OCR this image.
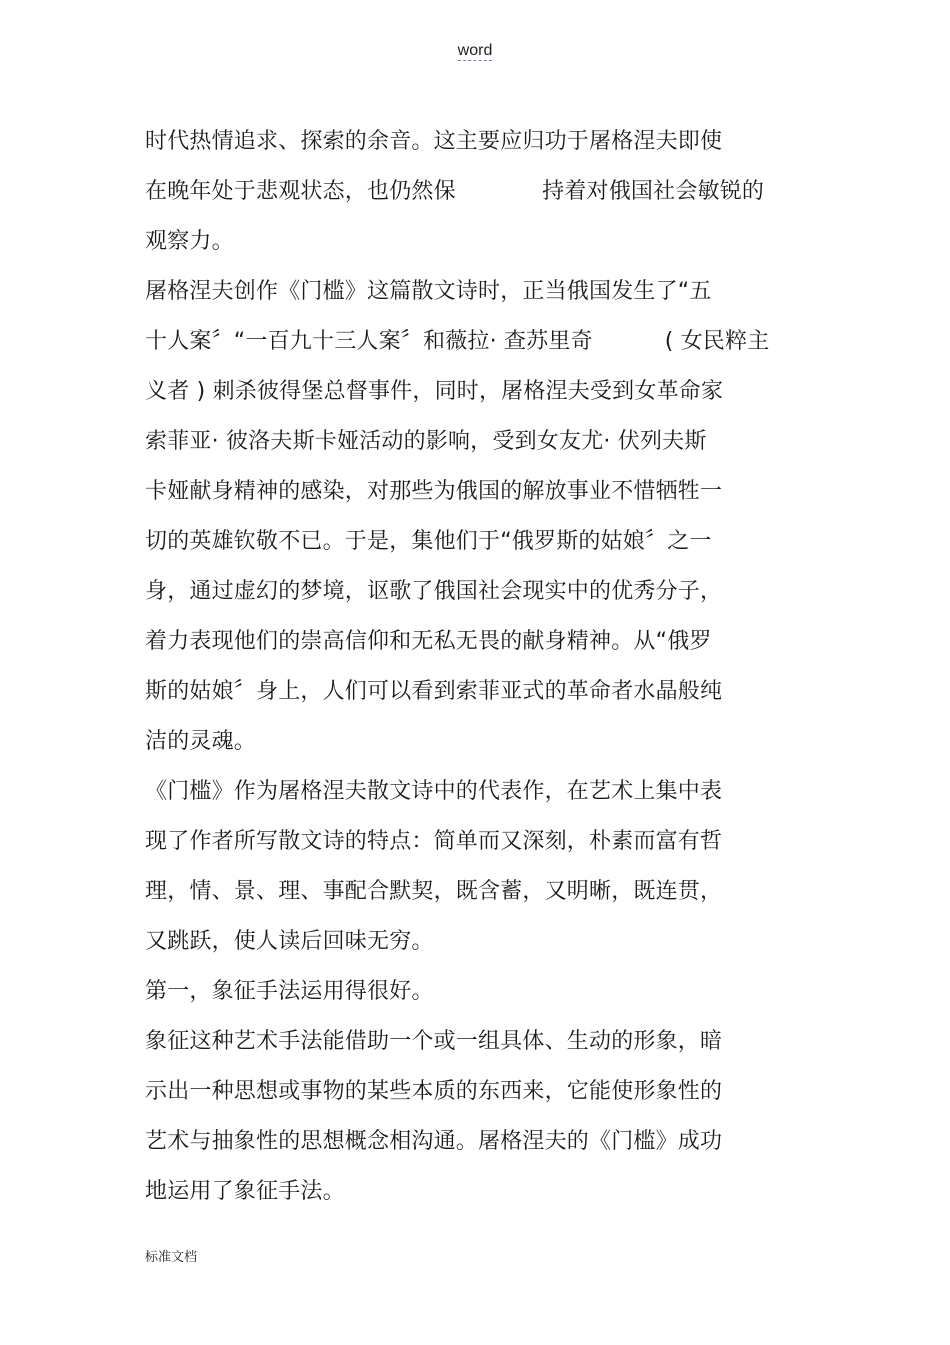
word
时代热情追求、探索的余音。这主要应归功于屠格涅夫即使
在晚年处于悲观状态，也仍然保            持着对俄国社会敏锐的
观察力。
屠格涅夫创作《门槛》这篇散文诗时，正当俄国发生了“五
十人案〞“一百九十三人案〞和薇拉· 查苏里奇          ( 女民粹主
义者 ) 刺杀彼得堡总督事件，同时，屠格涅夫受到女革命家
索菲亚· 彼洛夫斯卡娅活动的影响，受到女友尤· 伏列夫斯
卡娅献身精神的感染，对那些为俄国的解放事业不惜牺牲一
切的英雄钦敬不已。于是，集他们于“俄罗斯的姑娘〞之一
身，通过虚幻的梦境，讴歌了俄国社会现实中的优秀分子，
着力表现他们的崇高信仰和无私无畏的献身精神。从“俄罗
斯的姑娘〞身上，人们可以看到索菲亚式的革命者水晶般纯
洁的灵魂。
《门槛》作为屠格涅夫散文诗中的代表作，在艺术上集中表
现了作者所写散文诗的特点：简单而又深刻，朴素而富有哲
理，情、景、理、事配合默契，既含蓄，又明晰，既连贯，
又跳跃，使人读后回味无穷。
第一，象征手法运用得很好。
象征这种艺术手法能借助一个或一组具体、生动的形象，暗
示出一种思想或事物的某些本质的东西来，它能使形象性的
艺术与抽象性的思想概念相沟通。屠格涅夫的《门槛》成功
地运用了象征手法。
标准文档
